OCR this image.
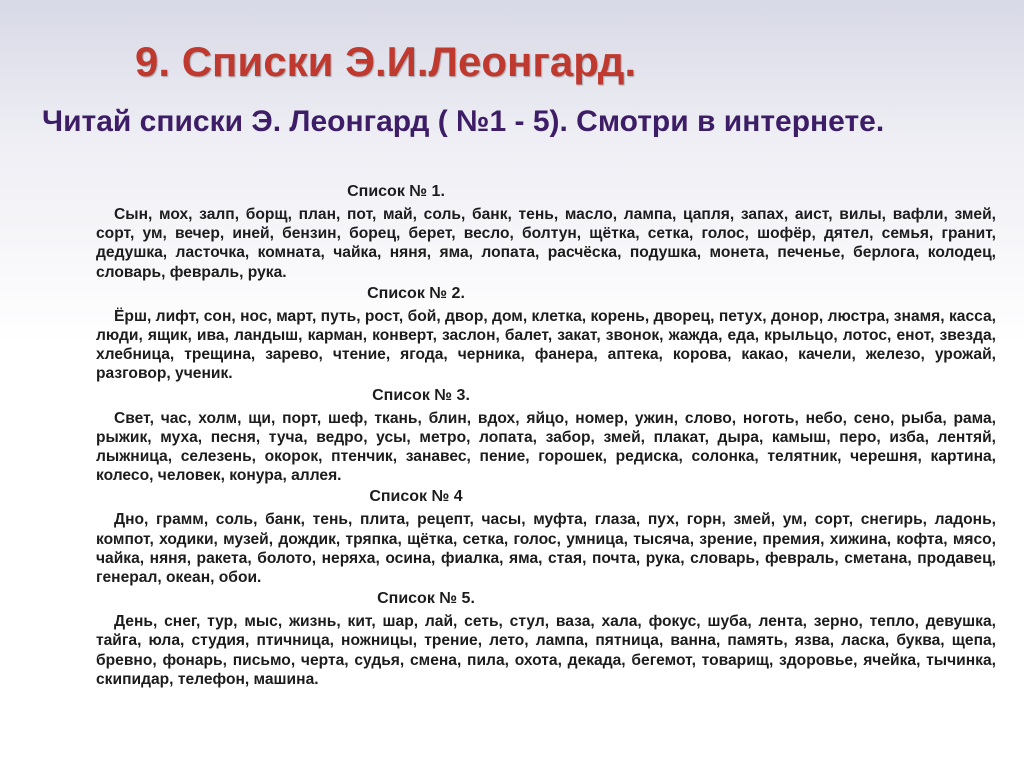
9. Списки Э.И.Леонгард.
Читай списки Э. Леонгард ( №1 - 5). Смотри в интернете.
Список № 1.
Сын, мох, залп, борщ, план, пот, май, соль, банк, тень, масло, лампа, цапля, запах, аист, вилы, вафли, змей, сорт, ум, вечер, иней, бензин, борец, берет, весло, болтун, щётка, сетка, голос, шофёр, дятел, семья, гранит, дедушка, ласточка, комната, чайка, няня, яма, лопата, расчёска, подушка, монета, печенье, берлога, колодец, словарь, февраль, рука.
Список № 2.
Ёрш, лифт, сон, нос, март, путь, рост, бой, двор, дом, клетка, корень, дворец, петух, донор, люстра, знамя, касса, люди, ящик, ива, ландыш, карман, конверт, заслон, балет, закат, звонок, жажда, еда, крыльцо, лотос, енот, звезда, хлебница, трещина, зарево, чтение, ягода, черника, фанера, аптека, корова, какао, качели, железо, урожай, разговор, ученик.
Список № 3.
Свет, час, холм, щи, порт, шеф, ткань, блин, вдох, яйцо, номер, ужин, слово, ноготь, небо, сено, рыба, рама, рыжик, муха, песня, туча, ведро, усы, метро, лопата, забор, змей, плакат, дыра, камыш, перо, изба, лентяй, лыжница, селезень, окорок, птенчик, занавес, пение, горошек, редиска, солонка, телятник, черешня, картина, колесо, человек, конура, аллея.
Список № 4
Дно, грамм, соль, банк, тень, плита, рецепт, часы, муфта, глаза, пух, горн, змей, ум, сорт, снегирь, ладонь, компот, ходики, музей, дождик, тряпка, щётка, сетка, голос, умница, тысяча, зрение, премия, хижина, кофта, мясо, чайка, няня, ракета, болото, неряха, осина, фиалка, яма, стая, почта, рука, словарь, февраль, сметана, продавец, генерал, океан, обои.
Список № 5.
День, снег, тур, мыс, жизнь, кит, шар, лай, сеть, стул, ваза, хала, фокус, шуба, лента, зерно, тепло, девушка, тайга, юла, студия, птичница, ножницы, трение, лето, лампа, пятница, ванна, память, язва, ласка, буква, щепа, бревно, фонарь, письмо, черта, судья, смена, пила, охота, декада, бегемот, товарищ, здоровье, ячейка, тычинка, скипидар, телефон, машина.
